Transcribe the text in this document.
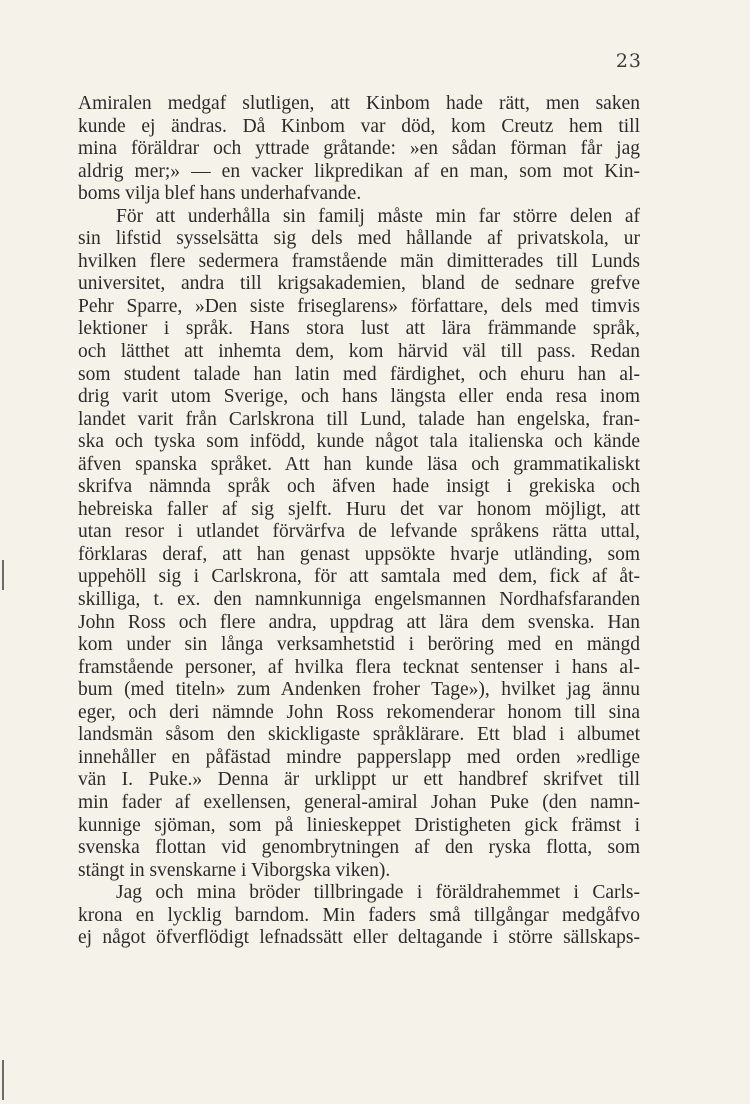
23
Amiralen medgaf slutligen, att Kinbom hade rätt, men saken
kunde ej ändras. Då Kinbom var död, kom Creutz hem till
mina föräldrar och yttrade gråtande: »en sådan förman får jag
aldrig mer;» — en vacker likpredikan af en man, som mot Kin-
boms vilja blef hans underhafvande.
För att underhålla sin familj måste min far större delen af
sin lifstid sysselsätta sig dels med hållande af privatskola, ur
hvilken flere sedermera framstående män dimitterades till Lunds
universitet, andra till krigsakademien, bland de sednare grefve
Pehr Sparre, »Den siste friseglarens» författare, dels med timvis
lektioner i språk. Hans stora lust att lära främmande språk,
och lätthet att inhemta dem, kom härvid väl till pass. Redan
som student talade han latin med färdighet, och ehuru han al-
drig varit utom Sverige, och hans längsta eller enda resa inom
landet varit från Carlskrona till Lund, talade han engelska, fran-
ska och tyska som infödd, kunde något tala italienska och kände
äfven spanska språket. Att han kunde läsa och grammatikaliskt
skrifva nämnda språk och äfven hade insigt i grekiska och
hebreiska faller af sig sjelft. Huru det var honom möjligt, att
utan resor i utlandet förvärfva de lefvande språkens rätta uttal,
förklaras deraf, att han genast uppsökte hvarje utländing, som
uppehöll sig i Carlskrona, för att samtala med dem, fick af åt-
skilliga, t. ex. den namnkunniga engelsmannen Nordhafsfaranden
John Ross och flere andra, uppdrag att lära dem svenska. Han
kom under sin långa verksamhetstid i beröring med en mängd
framstående personer, af hvilka flera tecknat sentenser i hans al-
bum (med titeln» zum Andenken froher Tage»), hvilket jag ännu
eger, och deri nämnde John Ross rekomenderar honom till sina
landsmän såsom den skickligaste språklärare. Ett blad i albumet
innehåller en påfästad mindre papperslapp med orden »redlige
vän I. Puke.» Denna är urklippt ur ett handbref skrifvet till
min fader af exellensen, general-amiral Johan Puke (den namn-
kunnige sjöman, som på linieskeppet Dristigheten gick främst i
svenska flottan vid genombrytningen af den ryska flotta, som
stängt in svenskarne i Viborgska viken).
Jag och mina bröder tillbringade i föräldrahemmet i Carls-
krona en lycklig barndom. Min faders små tillgångar medgåfvo
ej något öfverflödigt lefnadssätt eller deltagande i större sällskaps-
